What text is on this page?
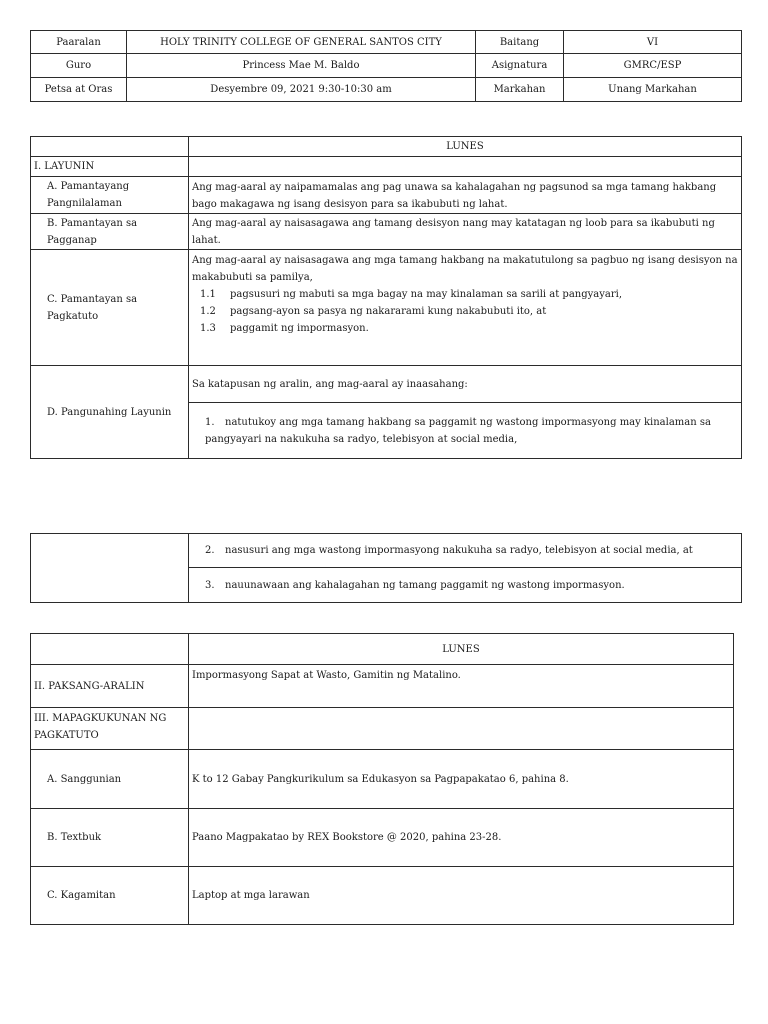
Paaralan	HOLY TRINITY COLLEGE OF GENERAL SANTOS CITY	Baitang	VI
Guro	Princess Mae M. Baldo	Asignatura	GMRC/ESP
Petsa at Oras	Desyembre 09, 2021 9:30-10:30 am	Markahan	Unang Markahan
	LUNES
I. LAYUNIN	
A. Pamantayang Pangnilalaman	Ang mag-aaral ay naipamamalas ang pag unawa sa kahalagahan ng pagsunod sa mga tamang hakbang bago makagawa ng isang desisyon para sa ikabubuti ng lahat.
B. Pamantayan sa Pagganap	Ang mag-aaral ay naisasagawa ang tamang desisyon nang may katatagan ng loob para sa ikabubuti ng lahat.
C. Pamantayan sa Pagkatuto	Ang mag-aaral ay naisasagawa ang mga tamang hakbang na makatutulong sa pagbuo ng isang desisyon na makabubuti sa pamilya,
1.1 pagsusuri ng mabuti sa mga bagay na may kinalaman sa sarili at pangyayari,
1.2 pagsang-ayon sa pasya ng nakararami kung nakabubuti ito, at
1.3 paggamit ng impormasyon.

D. Pangunahing Layunin	Sa katapusan ng aralin, ang mag-aaral ay inaasahang:
	1. natutukoy ang mga tamang hakbang sa paggamit ng wastong impormasyong may kinalaman sa pangyayari na nakukuha sa radyo, telebisyon at social media,
	2. nasusuri ang mga wastong impormasyong nakukuha sa radyo, telebisyon at social media, at
3. nauunawaan ang kahalagahan ng tamang paggamit ng wastong impormasyon.
	LUNES
II. PAKSANG-ARALIN	Impormasyong Sapat at Wasto, Gamitin ng Matalino.
III. MAPAGKUKUNAN NG PAGKATUTO	
A. Sanggunian	K to 12 Gabay Pangkurikulum sa Edukasyon sa Pagpapakatao 6, pahina 8.
B. Textbuk	Paano Magpakatao by REX Bookstore @ 2020, pahina 23-28.
C. Kagamitan	Laptop at mga larawan
